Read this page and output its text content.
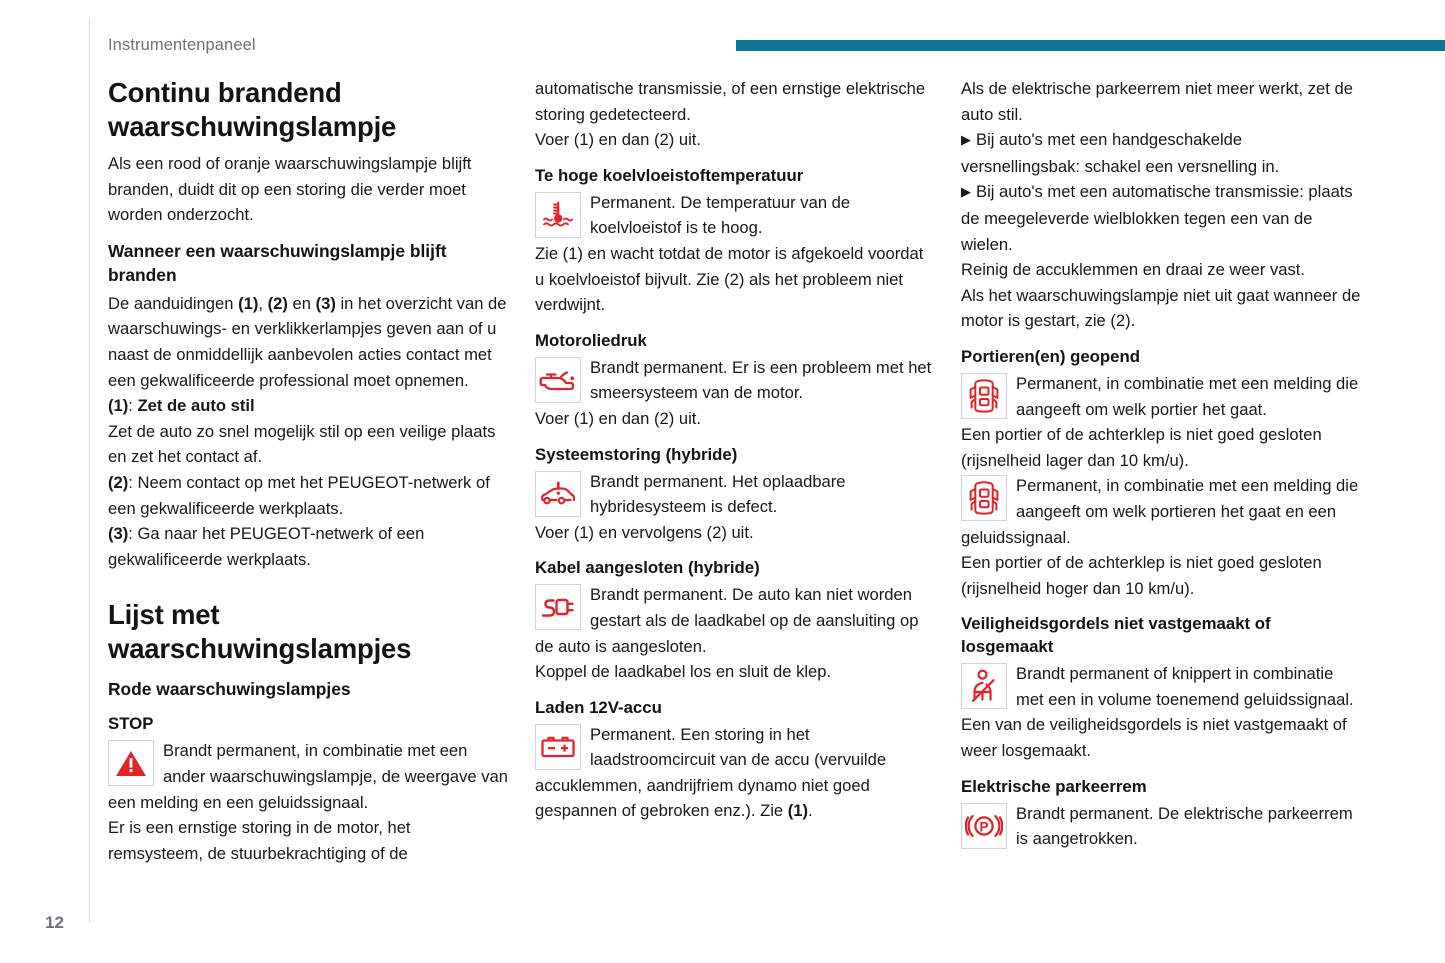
Instrumentenpaneel
Continu brandend waarschuwingslampje

Als een rood of oranje waarschuwingslampje blijft branden, duidt dit op een storing die verder moet worden onderzocht.

Wanneer een waarschuwingslampje blijft branden

De aanduidingen (1), (2) en (3) in het overzicht van de waarschuwings- en verklikkerlampjes geven aan of u naast de onmiddellijk aanbevolen acties contact met een gekwalificeerde professional moet opnemen.

(1): Zet de auto stil

Zet de auto zo snel mogelijk stil op een veilige plaats en zet het contact af.

(2): Neem contact op met het PEUGEOT-netwerk of een gekwalificeerde werkplaats.

(3): Ga naar het PEUGEOT-netwerk of een gekwalificeerde werkplaats.

Lijst met waarschuwingslampjes
Rode waarschuwingslampjes
STOP
Brandt permanent, in combinatie met een ander waarschuwingslampje, de weergave van een melding en een geluidssignaal.

Er is een ernstige storing in de motor, het remsysteem, de stuurbekrachtiging of de

automatische transmissie, of een ernstige elektrische storing gedetecteerd.

Voer (1) en dan (2) uit.

Te hoge koelvloeistoftemperatuur
Permanent. De temperatuur van de koelvloeistof is te hoog.

Zie (1) en wacht totdat de motor is afgekoeld voordat u koelvloeistof bijvult. Zie (2) als het probleem niet verdwijnt.

Motoroliedruk
Brandt permanent. Er is een probleem met het smeersysteem van de motor.

Voer (1) en dan (2) uit.

Systeemstoring (hybride)
Brandt permanent. Het oplaadbare hybridesysteem is defect.

Voer (1) en vervolgens (2) uit.

Kabel aangesloten (hybride)
Brandt permanent. De auto kan niet worden gestart als de laadkabel op de aansluiting op de auto is aangesloten.

Koppel de laadkabel los en sluit de klep.

Laden 12V-accu
Permanent. Een storing in het laadstroomcircuit van de accu (vervuilde accuklemmen, aandrijfriem dynamo niet goed gespannen of gebroken enz.). Zie (1).

Als de elektrische parkeerrem niet meer werkt, zet de auto stil.

▶ Bij auto's met een handgeschakelde versnellingsbak: schakel een versnelling in.

▶ Bij auto's met een automatische transmissie: plaats de meegeleverde wielblokken tegen een van de wielen.

Reinig de accuklemmen en draai ze weer vast.

Als het waarschuwingslampje niet uit gaat wanneer de motor is gestart, zie (2).

Portieren(en) geopend
Permanent, in combinatie met een melding die aangeeft om welk portier het gaat.

Een portier of de achterklep is niet goed gesloten (rijsnelheid lager dan 10 km/u).

Permanent, in combinatie met een melding die aangeeft om welk portieren het gaat en een geluidssignaal.

Een portier of de achterklep is niet goed gesloten (rijsnelheid hoger dan 10 km/u).

Veiligheidsgordels niet vastgemaakt of losgemaakt
Brandt permanent of knippert in combinatie met een in volume toenemend geluidssignaal.

Een van de veiligheidsgordels is niet vastgemaakt of weer losgemaakt.

Elektrische parkeerrem
P
Brandt permanent. De elektrische parkeerrem is aangetrokken.
12
